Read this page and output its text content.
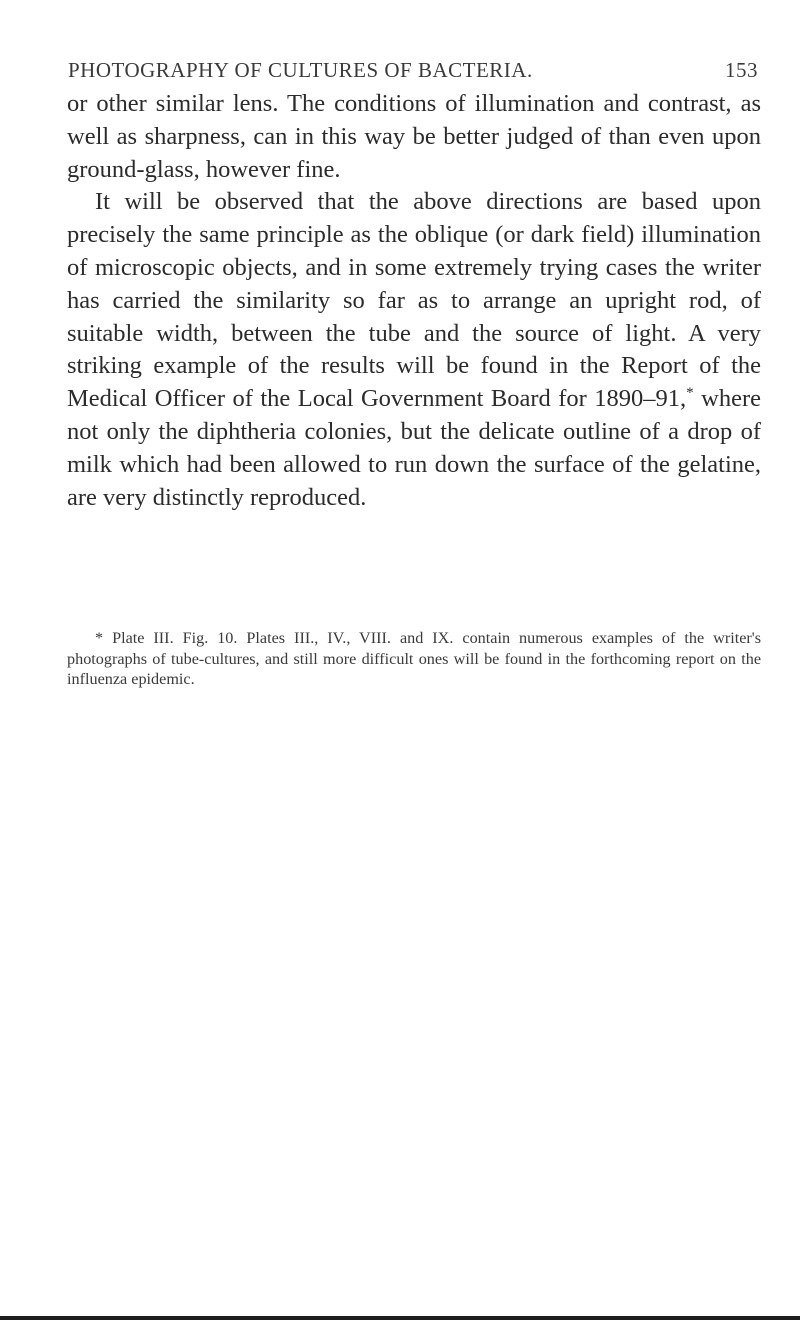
PHOTOGRAPHY OF CULTURES OF BACTERIA.	153

or other similar lens. The conditions of illumination and contrast, as well as sharpness, can in this way be better judged of than even upon ground-glass, however fine.

It will be observed that the above directions are based upon precisely the same principle as the oblique (or dark field) illumination of microscopic objects, and in some extremely trying cases the writer has carried the similarity so far as to arrange an upright rod, of suitable width, between the tube and the source of light. A very striking example of the results will be found in the Report of the Medical Officer of the Local Government Board for 1890–91,* where not only the diphtheria colonies, but the delicate outline of a drop of milk which had been allowed to run down the surface of the gelatine, are very distinctly reproduced.

* Plate III. Fig. 10. Plates III., IV., VIII. and IX. contain numerous examples of the writer's photographs of tube-cultures, and still more difficult ones will be found in the forthcoming report on the influenza epidemic.
